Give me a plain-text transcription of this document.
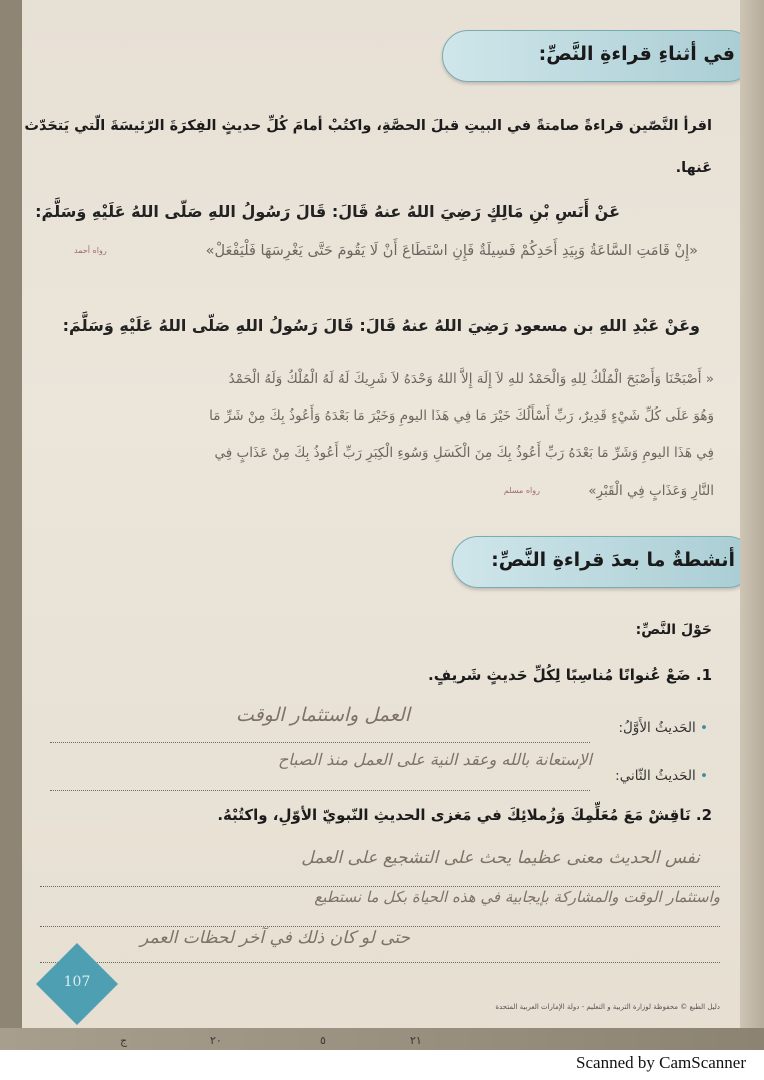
في أثناءِ قراءةِ النَّصِّ:
اقرأ النَّصّين قراءةً صامتةً في البيتِ قبلَ الحصَّةِ، واكتُبْ أمامَ كُلِّ حديثٍ الفِكرَةَ الرّئيسَةَ الّتي يَتحَدّث
عَنها.
عَنْ أَنَسِ بْنِ مَالِكٍ رَضِيَ اللهُ عنهُ قَالَ: قَالَ رَسُولُ اللهِ صَلّى اللهُ عَلَيْهِ وَسَلَّمَ:
«إِنْ قَامَتِ السَّاعَةُ وَبِيَدِ أَحَدِكُمْ فَسِيلَةٌ فَإِنِ اسْتَطَاعَ أَنْ لَا يَقُومَ حَتَّى يَغْرِسَهَا فَلْيَفْعَلْ»
رواه أحمد
وعَنْ عَبْدِ اللهِ بن مسعود رَضِيَ اللهُ عنهُ قَالَ: قَالَ رَسُولُ اللهِ صَلّى اللهُ عَلَيْهِ وَسَلَّمَ:
« أَصْبَحْنَا وَأَصْبَحَ الْمُلْكُ لِلهِ وَالْحَمْدُ للهِ لاَ إِلَهَ إِلاَّ اللهُ وَحْدَهُ لاَ شَرِيكَ لَهُ لَهُ الْمُلْكُ وَلَهُ الْحَمْدُ
وَهُوَ عَلَى كُلِّ شَيْءٍ قَدِيرٌ، رَبِّ أَسْأَلُكَ خَيْرَ مَا فِي هَذَا اليومِ وَخَيْرَ مَا بَعْدَهُ وَأَعُوذُ بِكَ مِنْ شَرِّ مَا
فِي هَذَا اليومِ وَشَرِّ مَا بَعْدَهُ رَبِّ أَعُوذُ بِكَ مِنَ الْكَسَلِ وَسُوءِ الْكِبَرِ رَبِّ أَعُوذُ بِكَ مِنْ عَذَابٍ فِي
النَّارِ وَعَذَابٍ فِي الْقَبْرِ»
رواه مسلم
أنشطةٌ ما بعدَ قراءةِ النَّصِّ:
حَوْلَ النَّصِّ:
1. ضَعْ عُنوانًا مُناسِبًا لِكُلِّ حَديثٍ شَريفٍ.
• الحَديثُ الأَوَّلُ:
العمل واستثمار الوقت
• الحَديثُ الثّاني:
الإستعانة بالله وعقد النية على العمل منذ الصباح
2. نَاقِشْ مَعَ مُعَلِّمِكَ وَزُملائِكَ في مَغزى الحديثِ النّبويّ الأوّلِ، واكتُبْهُ.
نفس الحديث معنى عظيما يحث على التشجيع على العمل
واستثمار الوقت والمشاركة بإيجابية في هذه الحياة بكل ما نستطيع
حتى لو كان ذلك في آخر لحظات العمر
دليل الطبع © محفوظة لوزارة التربية و التعليم - دولة الإمارات العربية المتحدة
107
ج	٢٠	٥	٢١
Scanned by CamScanner
